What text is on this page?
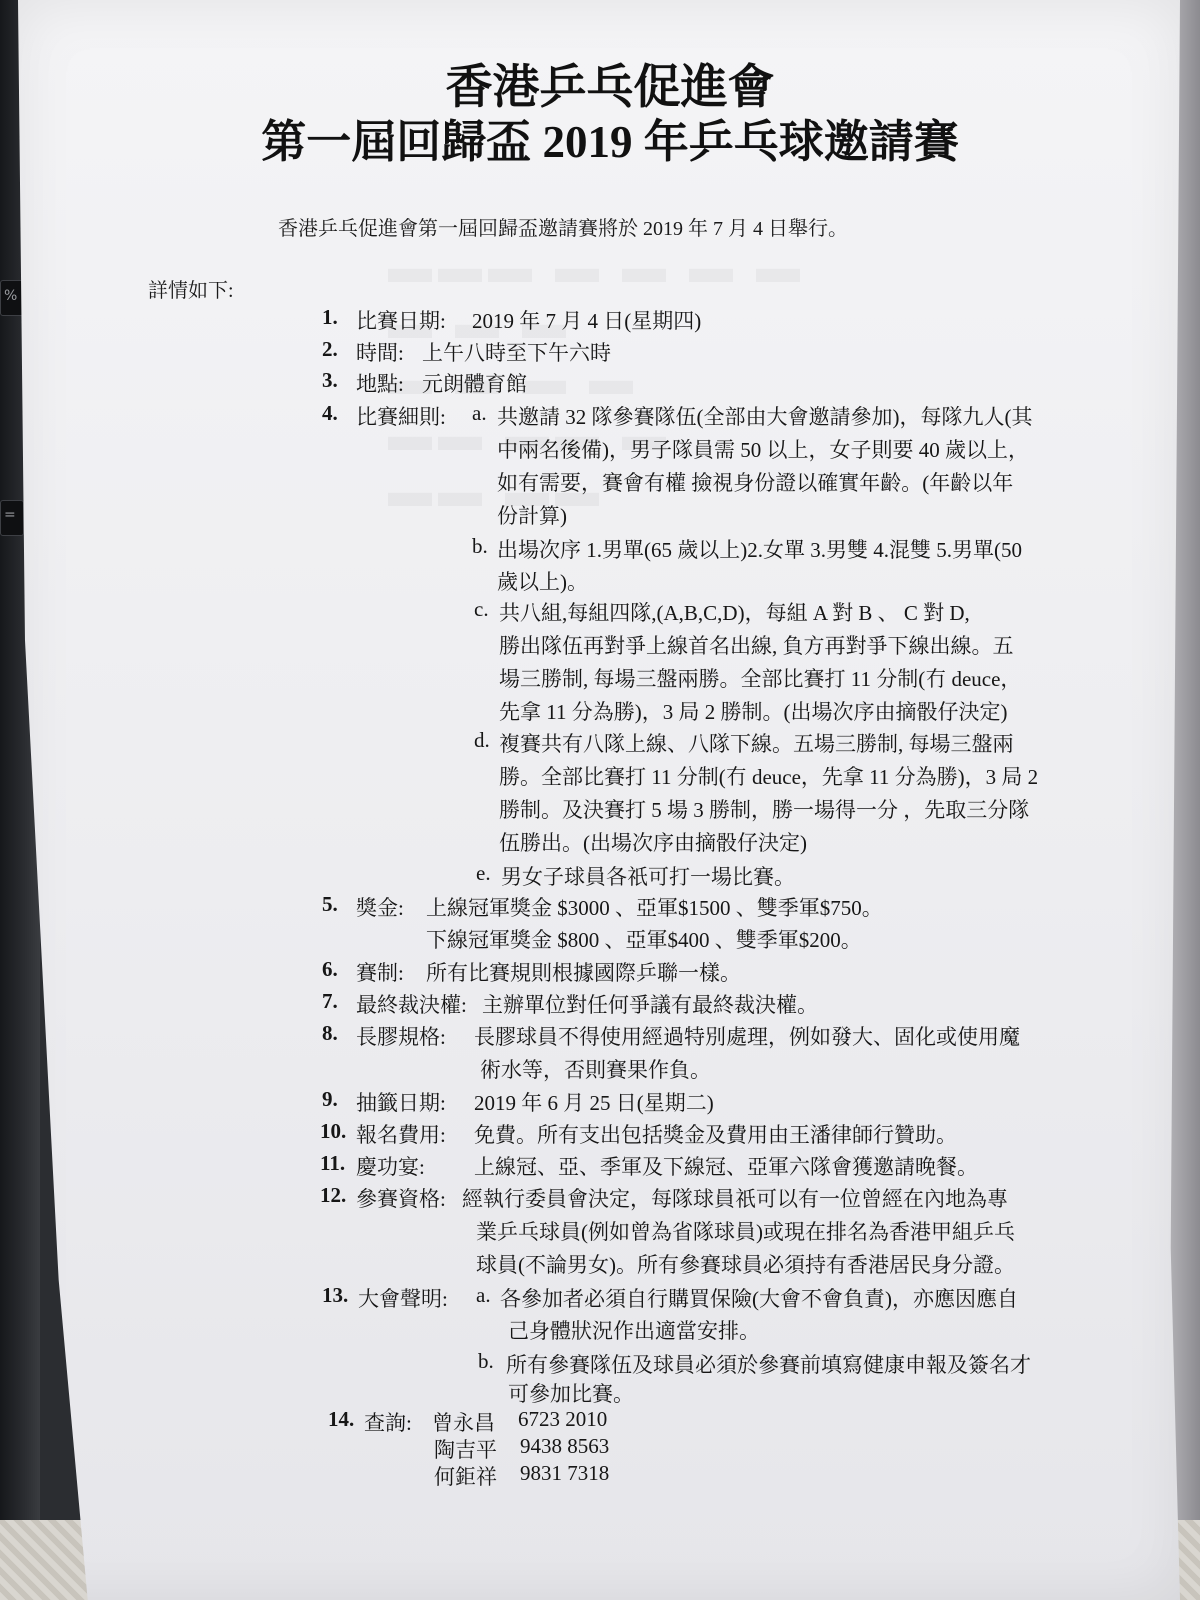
%
=

香港乒乓促進會
第一屆回歸盃 2019 年乒乓球邀請賽
香港乒乓促進會第一屆回歸盃邀請賽將於 2019 年 7 月 4 日舉行。
詳情如下:
1. 比賽日期: 2019 年 7 月 4 日(星期四)
2. 時間: 上午八時至下午六時
3. 地點: 元朗體育館
4. 比賽細則: a. 共邀請 32 隊參賽隊伍(全部由大會邀請參加)，每隊九人(其
中兩名後備)，男子隊員需 50 以上，女子則要 40 歲以上，
如有需要，賽會有權 撿視身份證以確實年齡。(年齡以年
份計算)
b. 出場次序 1.男單(65 歲以上)2.女單 3.男雙 4.混雙 5.男單(50
歲以上)。
c. 共八組,每組四隊,(A,B,C,D)，每組 A 對 B 、 C 對 D,
勝出隊伍再對爭上線首名出線, 負方再對爭下線出線。五
場三勝制, 每場三盤兩勝。全部比賽打 11 分制(冇 deuce，
先拿 11 分為勝)，3 局 2 勝制。(出場次序由摘骰仔決定)
d. 複賽共有八隊上線、八隊下線。五場三勝制, 每場三盤兩
勝。全部比賽打 11 分制(冇 deuce，先拿 11 分為勝)，3 局 2
勝制。及決賽打 5 場 3 勝制，勝一場得一分 ，先取三分隊
伍勝出。(出場次序由摘骰仔決定)
e. 男女子球員各祇可打一場比賽。
5. 獎金: 上線冠軍獎金 $3000 、亞軍$1500 、雙季軍$750。
下線冠軍獎金 $800 、亞軍$400 、雙季軍$200。
6. 賽制: 所有比賽規則根據國際乒聯一樣。
7. 最終裁決權: 主辦單位對任何爭議有最終裁決權。
8. 長膠規格: 長膠球員不得使用經過特別處理，例如發大、固化或使用魔
術水等，否則賽果作負。
9. 抽籤日期: 2019 年 6 月 25 日(星期二)
10. 報名費用: 免費。所有支出包括獎金及費用由王潘律師行贊助。
11. 慶功宴: 上線冠、亞、季軍及下線冠、亞軍六隊會獲邀請晚餐。
12. 參賽資格: 經執行委員會決定，每隊球員祇可以有一位曾經在內地為專
業乒乓球員(例如曾為省隊球員)或現在排名為香港甲組乒乓
球員(不論男女)。所有參賽球員必須持有香港居民身分證。
13. 大會聲明: a. 各參加者必須自行購買保險(大會不會負責)，亦應因應自
己身體狀況作出適當安排。
b. 所有參賽隊伍及球員必須於參賽前填寫健康申報及簽名才
可參加比賽。
14. 查詢: 曾永昌 6723 2010
陶吉平 9438 8563
何鉅祥 9831 7318
